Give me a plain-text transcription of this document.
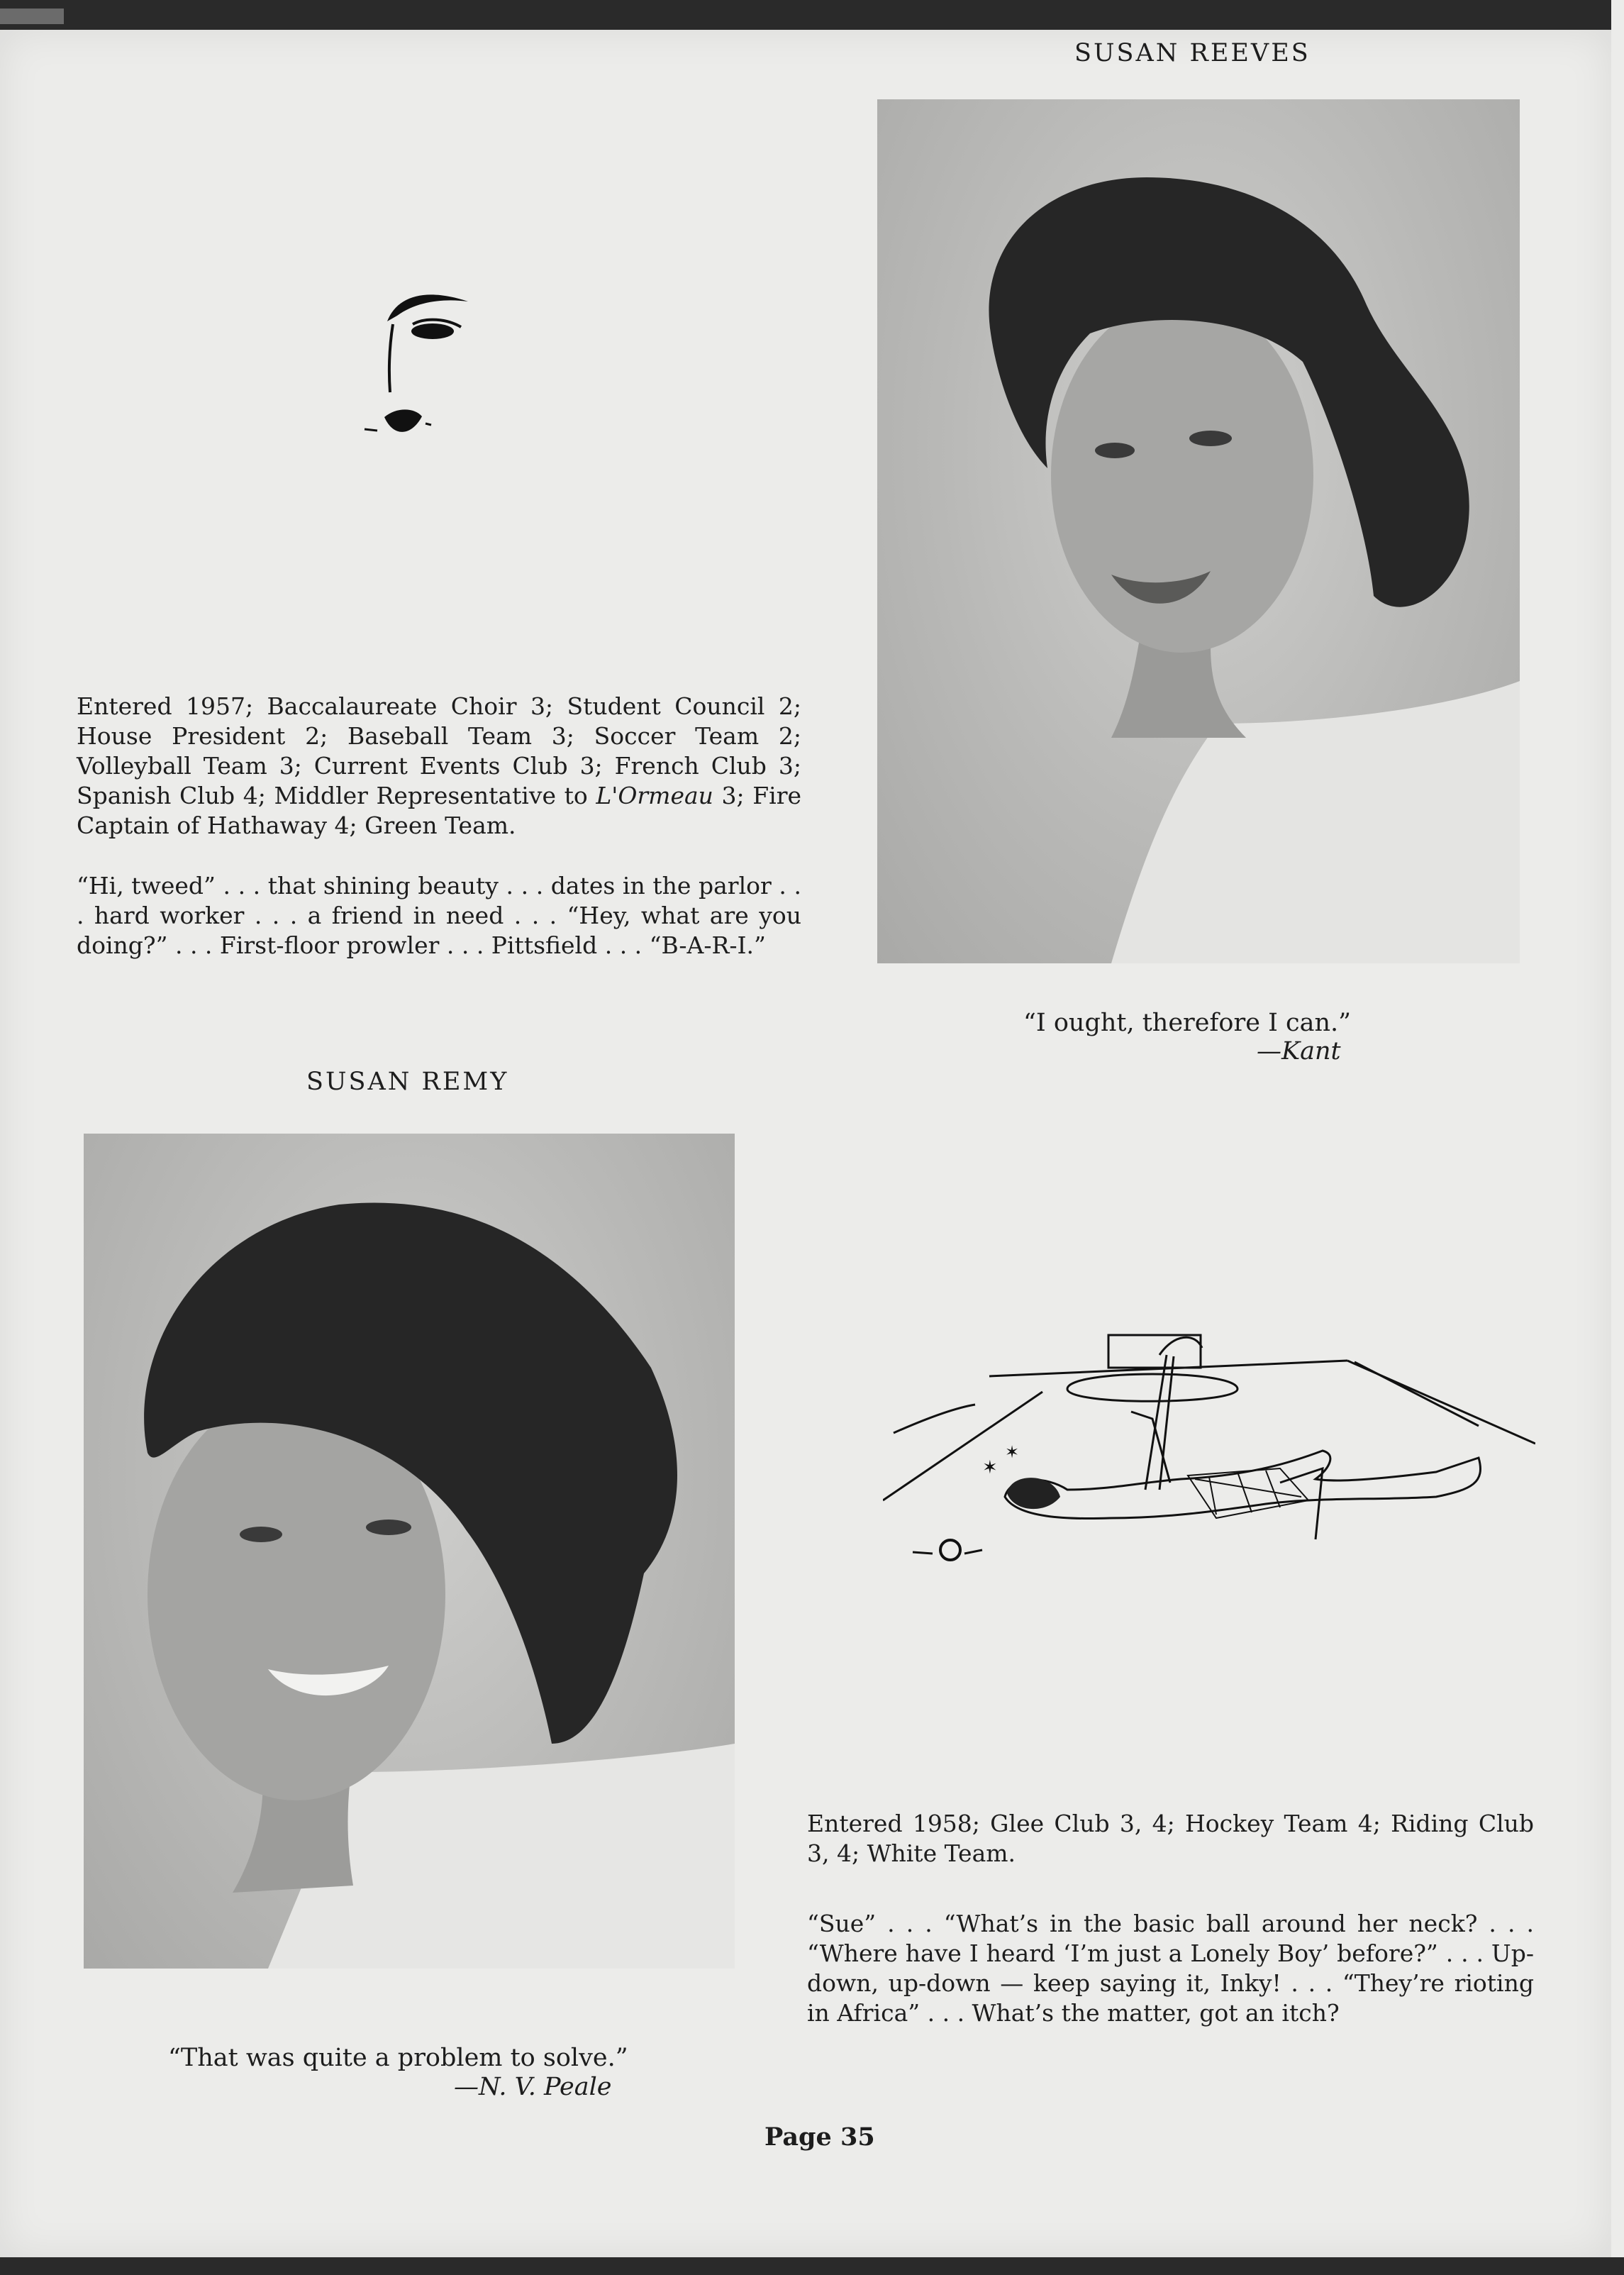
SUSAN REEVES
Entered 1957; Baccalaureate Choir 3; Student Council 2; House President 2; Baseball Team 3; Soccer Team 2; Volleyball Team 3; Current Events Club 3; French Club 3; Spanish Club 4; Middler Representative to L'Ormeau 3; Fire Captain of Hathaway 4; Green Team.
“Hi, tweed” . . . that shining beauty . . . dates in the parlor . . . hard worker . . . a friend in need . . . “Hey, what are you doing?” . . . First-floor prowler . . . Pittsfield . . . “B-A-R-I.”
“I ought, therefore I can.”
—Kant
SUSAN REMY
“That was quite a problem to solve.”
—N. V. Peale
✶
✶
Entered 1958; Glee Club 3, 4; Hockey Team 4; Riding Club 3, 4; White Team.
“Sue” . . . “What’s in the basic ball around her neck? . . . “Where have I heard ‘I’m just a Lonely Boy’ before?” . . . Up-down, up-down — keep saying it, Inky! . . . “They’re rioting in Africa” . . . What’s the matter, got an itch?
Page 35
